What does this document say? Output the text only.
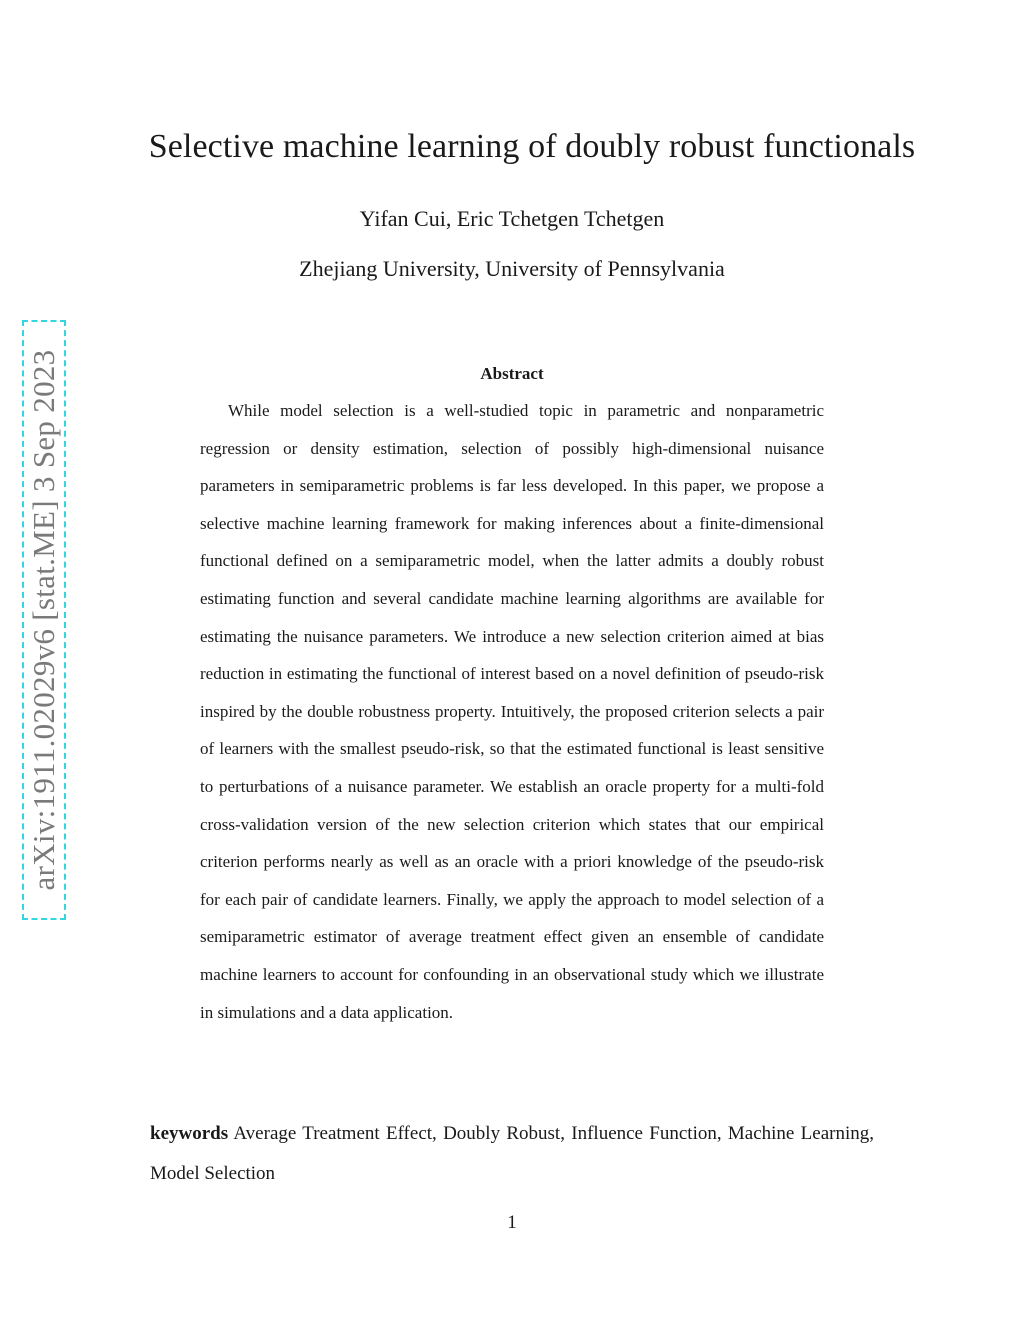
Selective machine learning of doubly robust functionals
Yifan Cui, Eric Tchetgen Tchetgen
Zhejiang University, University of Pennsylvania
arXiv:1911.02029v6 [stat.ME] 3 Sep 2023	Abstract

While model selection is a well-studied topic in parametric and nonparametric regression or density estimation, selection of possibly high-dimensional nuisance parameters in semiparametric problems is far less developed. In this paper, we propose a selective machine learning framework for making inferences about a finite-dimensional functional defined on a semiparametric model, when the latter admits a doubly robust estimating function and several candidate machine learning algorithms are available for estimating the nuisance parameters. We introduce a new selection criterion aimed at bias reduction in estimating the functional of interest based on a novel definition of pseudo-risk inspired by the double robustness property. Intuitively, the proposed criterion selects a pair of learners with the smallest pseudo-risk, so that the estimated functional is least sensitive to perturbations of a nuisance parameter. We establish an oracle property for a multi-fold cross-validation version of the new selection criterion which states that our empirical criterion performs nearly as well as an oracle with a priori knowledge of the pseudo-risk for each pair of candidate learners. Finally, we apply the approach to model selection of a semiparametric estimator of average treatment effect given an ensemble of candidate machine learners to account for confounding in an observational study which we illustrate in simulations and a data application.

keywords Average Treatment Effect, Doubly Robust, Influence Function, Machine Learning, Model Selection

1
